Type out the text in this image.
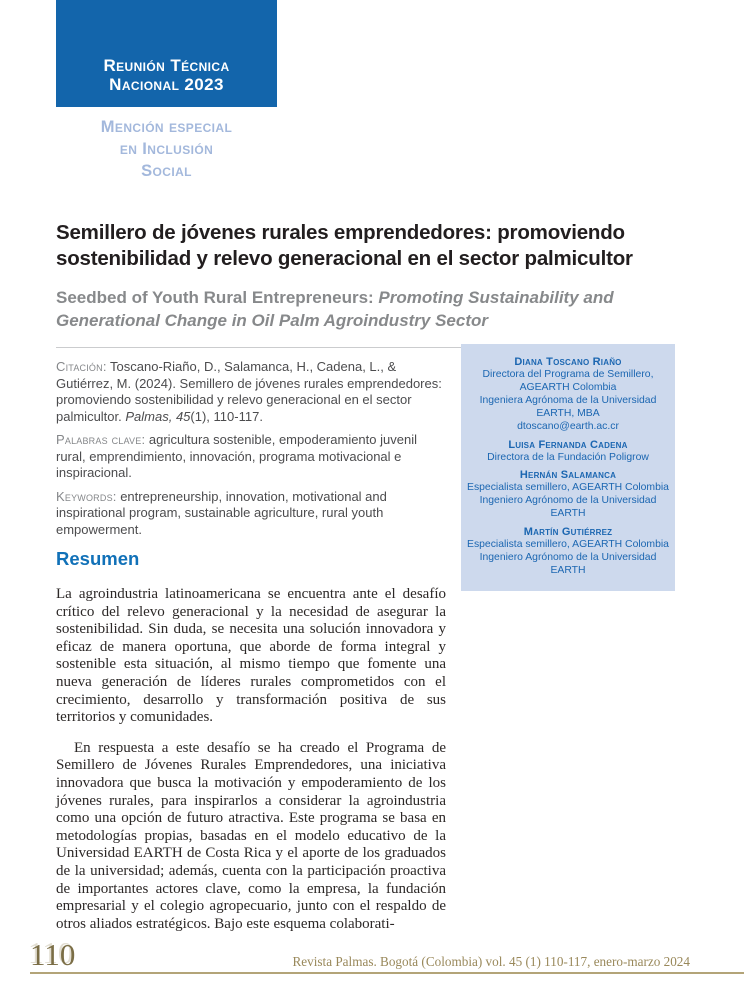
Reunión Técnica
Nacional 2023
Mención especial
en Inclusión
Social
Semillero de jóvenes rurales emprendedores: promoviendo sostenibilidad y relevo generacional en el sector palmicultor
Seedbed of Youth Rural Entrepreneurs: Promoting Sustainability and Generational Change in Oil Palm Agroindustry Sector

Citación: Toscano-Riaño, D., Salamanca, H., Cadena, L., & Gutiérrez, M. (2024). Semillero de jóvenes rurales emprendedores: promoviendo sostenibilidad y relevo generacional en el sector palmicultor. Palmas, 45(1), 110-117.

Palabras clave: agricultura sostenible, empoderamiento juvenil rural, emprendimiento, innovación, programa motivacional e inspiracional.

Keywords: entrepreneurship, innovation, motivational and inspirational program, sustainable agriculture, rural youth empowerment.

Diana Toscano Riaño
Directora del Programa de Semillero,
AGEARTH Colombia
Ingeniera Agrónoma de la Universidad
EARTH, MBA
dtoscano@earth.ac.cr
Luisa Fernanda Cadena
Directora de la Fundación Poligrow
Hernán Salamanca
Especialista semillero, AGEARTH Colombia
Ingeniero Agrónomo de la Universidad
EARTH
Martín Gutiérrez
Especialista semillero, AGEARTH Colombia
Ingeniero Agrónomo de la Universidad
EARTH
Resumen

La agroindustria latinoamericana se encuentra ante el desafío crítico del relevo generacional y la necesidad de asegurar la sostenibilidad. Sin duda, se necesita una solución innovadora y eficaz de manera oportuna, que aborde de forma integral y sostenible esta situación, al mismo tiempo que fomente una nueva generación de líderes rurales comprometidos con el crecimiento, desarrollo y transformación positiva de sus territorios y comunidades.

En respuesta a este desafío se ha creado el Programa de Semillero de Jóvenes Rurales Emprendedores, una iniciativa innovadora que busca la motivación y empoderamiento de los jóvenes rurales, para inspirarlos a considerar la agroindustria como una opción de futuro atractiva. Este programa se basa en metodologías propias, basadas en el modelo educativo de la Universidad EARTH de Costa Rica y el aporte de los graduados de la universidad; además, cuenta con la participación proactiva de importantes actores clave, como la empresa, la fundación empresarial y el colegio agropecuario, junto con el respaldo de otros aliados estratégicos. Bajo este esquema colaborati-

110	Revista Palmas. Bogotá (Colombia) vol. 45 (1) 110-117, enero-marzo 2024
